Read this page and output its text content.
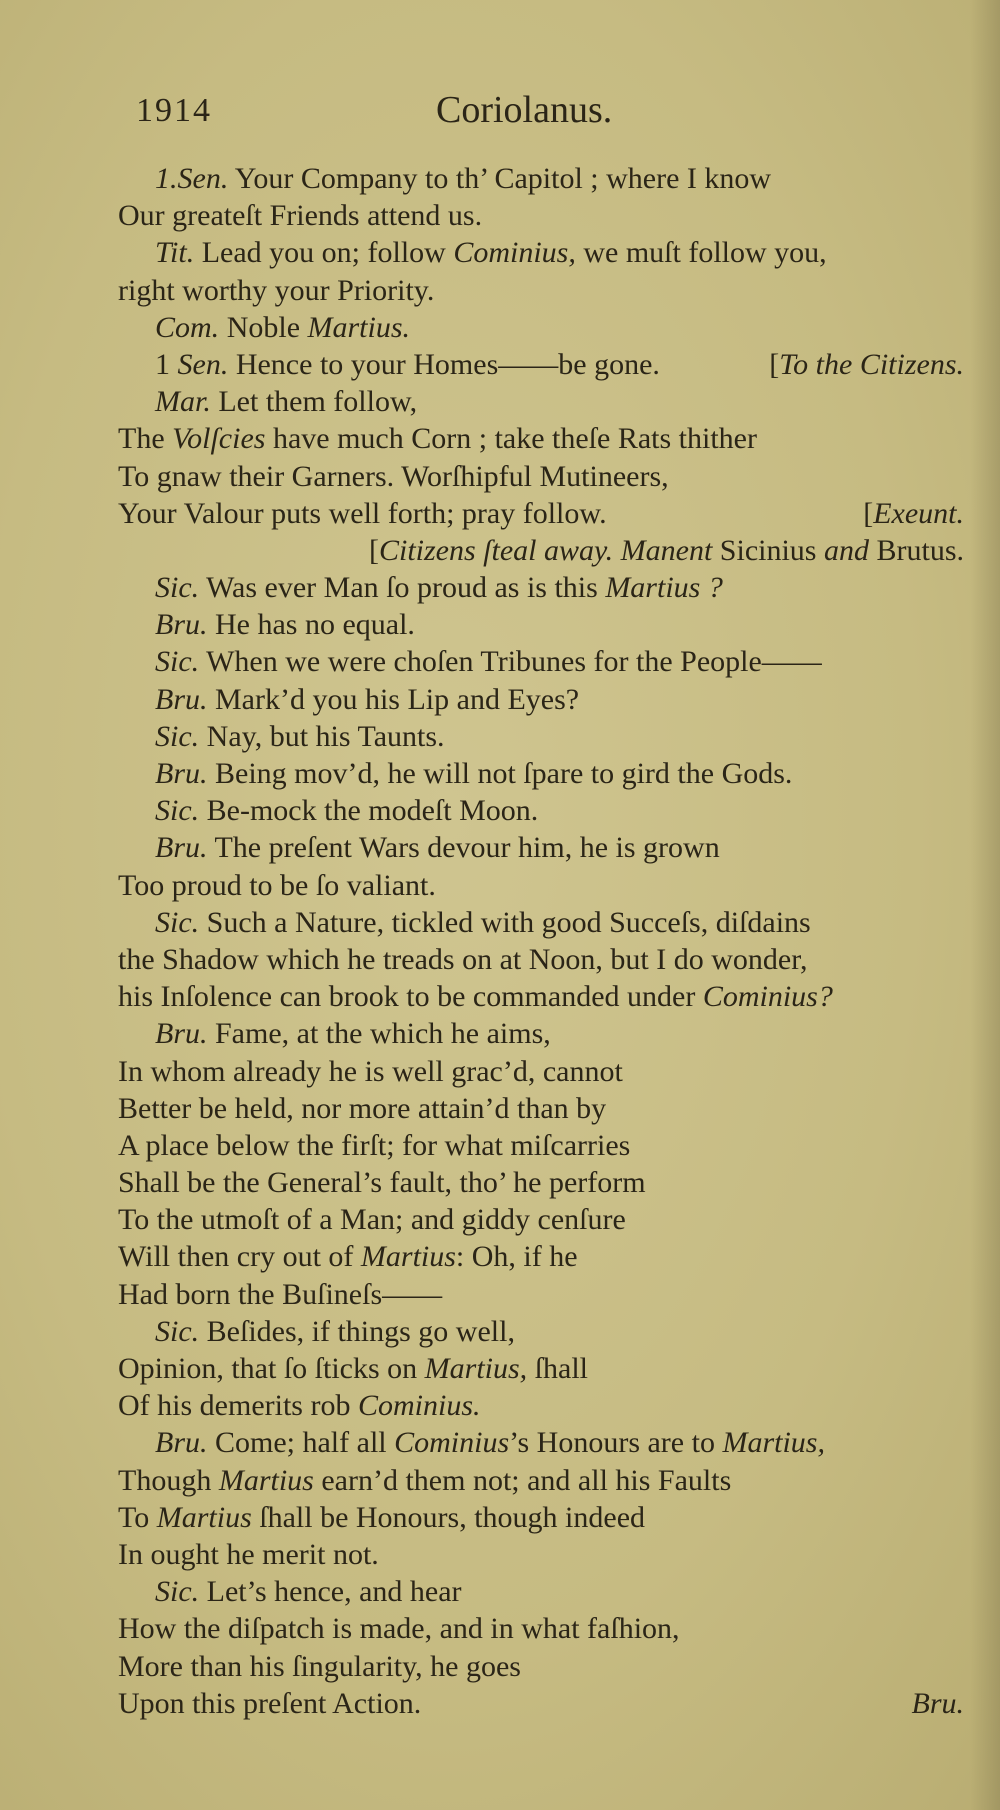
1914	Coriolanus.
1.Sen. Your Company to th’ Capitol ; where I know
Our greateſt Friends attend us.
Tit. Lead you on; follow Cominius, we muſt follow you,
right worthy your Priority.
Com. Noble Martius.
1 Sen. Hence to your Homes——be gone.	[To the Citizens.
Mar. Let them follow,
The Volſcies have much Corn ; take theſe Rats thither
To gnaw their Garners. Worſhipful Mutineers,
Your Valour puts well forth; pray follow.	[Exeunt.
[Citizens ſteal away. Manent Sicinius and Brutus.
Sic. Was ever Man ſo proud as is this Martius ?
Bru. He has no equal.
Sic. When we were choſen Tribunes for the People——
Bru. Mark’d you his Lip and Eyes?
Sic. Nay, but his Taunts.
Bru. Being mov’d, he will not ſpare to gird the Gods.
Sic. Be-mock the modeſt Moon.
Bru. The preſent Wars devour him, he is grown
Too proud to be ſo valiant.
Sic. Such a Nature, tickled with good Succeſs, diſdains
the Shadow which he treads on at Noon, but I do wonder,
his Inſolence can brook to be commanded under Cominius?
Bru. Fame, at the which he aims,
In whom already he is well grac’d, cannot
Better be held, nor more attain’d than by
A place below the firſt; for what miſcarries
Shall be the General’s fault, tho’ he perform
To the utmoſt of a Man; and giddy cenſure
Will then cry out of Martius: Oh, if he
Had born the Buſineſs——
Sic. Beſides, if things go well,
Opinion, that ſo ſticks on Martius, ſhall
Of his demerits rob Cominius.
Bru. Come; half all Cominius’s Honours are to Martius,
Though Martius earn’d them not; and all his Faults
To Martius ſhall be Honours, though indeed
In ought he merit not.
Sic. Let’s hence, and hear
How the diſpatch is made, and in what faſhion,
More than his ſingularity, he goes
Upon this preſent Action.	Bru.
